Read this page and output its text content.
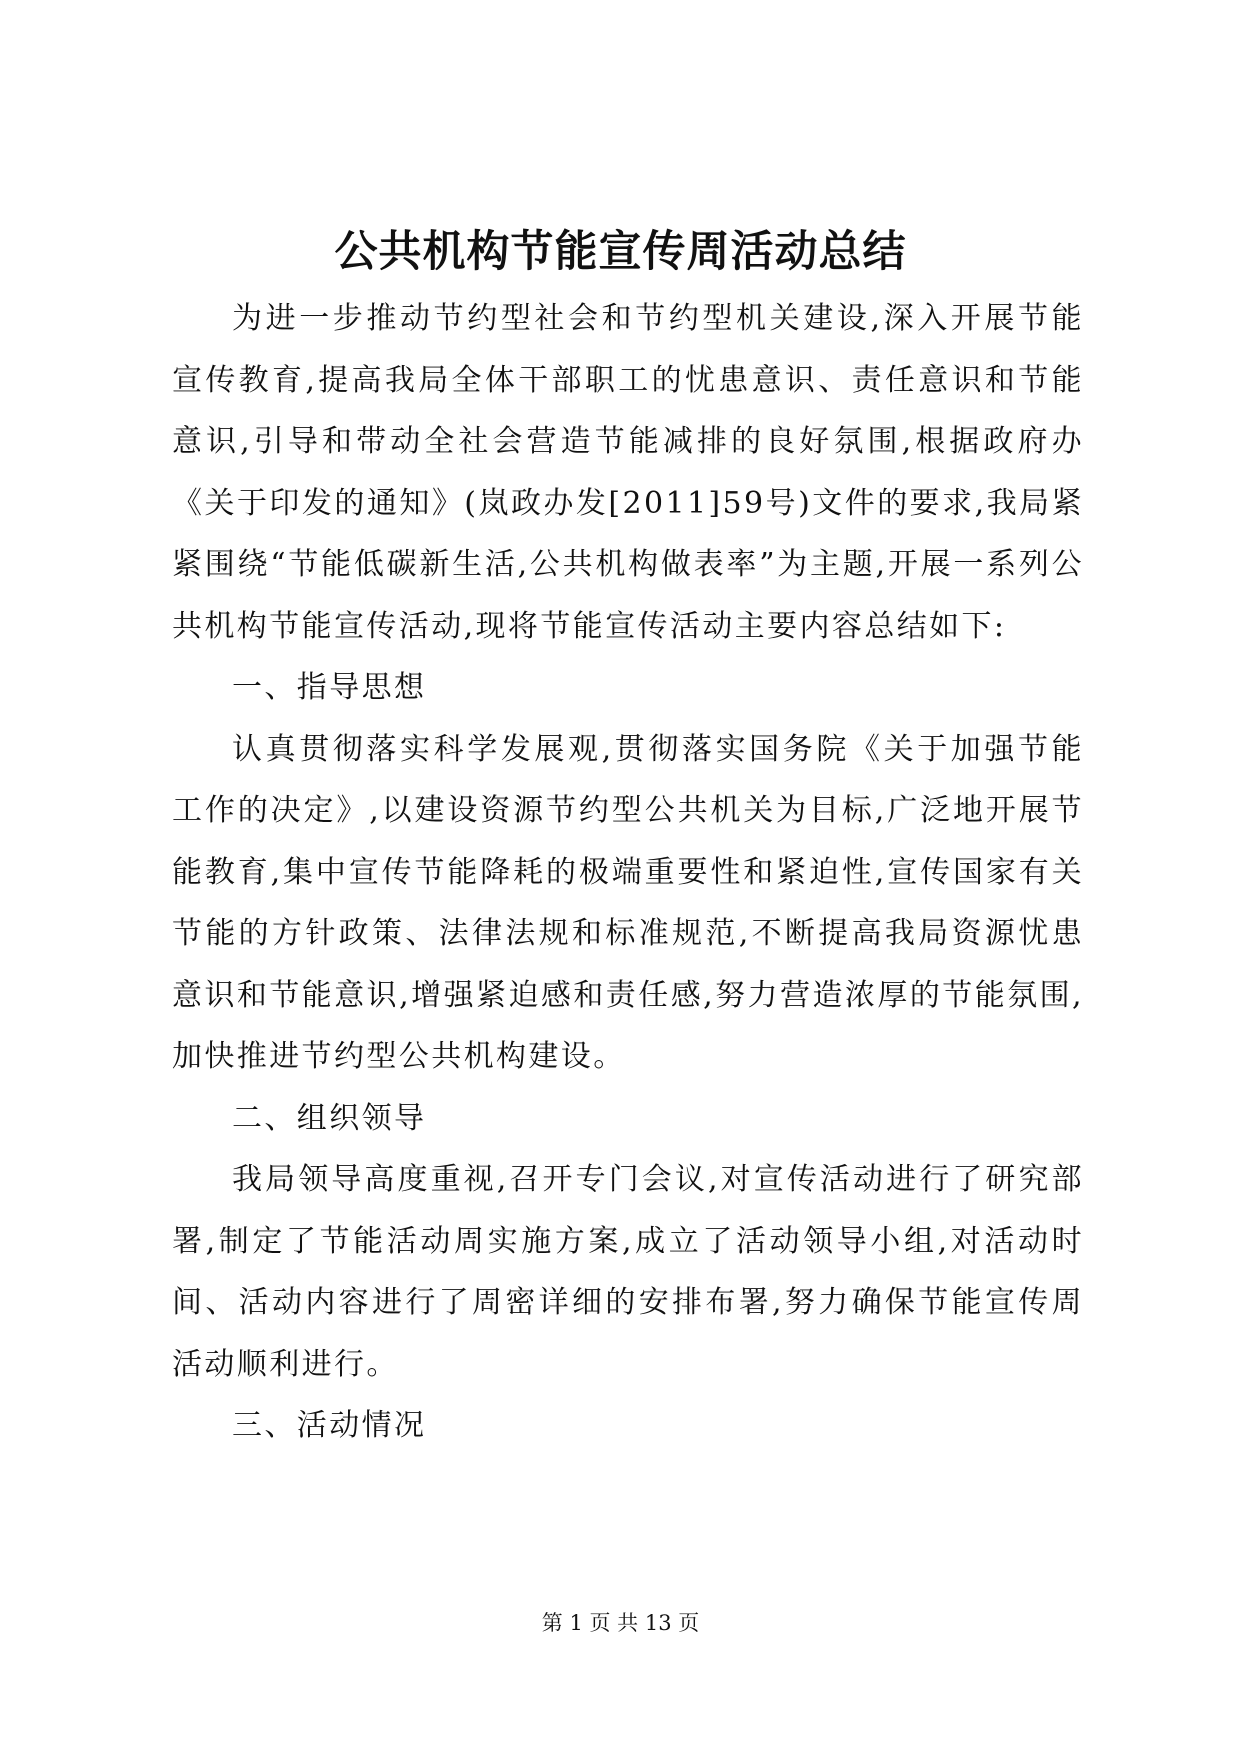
公共机构节能宣传周活动总结

为进一步推动节约型社会和节约型机关建设,深入开展节能宣传教育,提高我局全体干部职工的忧患意识、责任意识和节能意识,引导和带动全社会营造节能减排的良好氛围,根据政府办《关于印发的通知》(岚政办发[2011]59号)文件的要求,我局紧紧围绕“节能低碳新生活,公共机构做表率”为主题,开展一系列公共机构节能宣传活动,现将节能宣传活动主要内容总结如下:

一、指导思想

认真贯彻落实科学发展观,贯彻落实国务院《关于加强节能工作的决定》,以建设资源节约型公共机关为目标,广泛地开展节能教育,集中宣传节能降耗的极端重要性和紧迫性,宣传国家有关节能的方针政策、法律法规和标准规范,不断提高我局资源忧患意识和节能意识,增强紧迫感和责任感,努力营造浓厚的节能氛围,加快推进节约型公共机构建设。

二、组织领导

我局领导高度重视,召开专门会议,对宣传活动进行了研究部署,制定了节能活动周实施方案,成立了活动领导小组,对活动时间、活动内容进行了周密详细的安排布署,努力确保节能宣传周活动顺利进行。

三、活动情况

第 1 页 共 13 页
